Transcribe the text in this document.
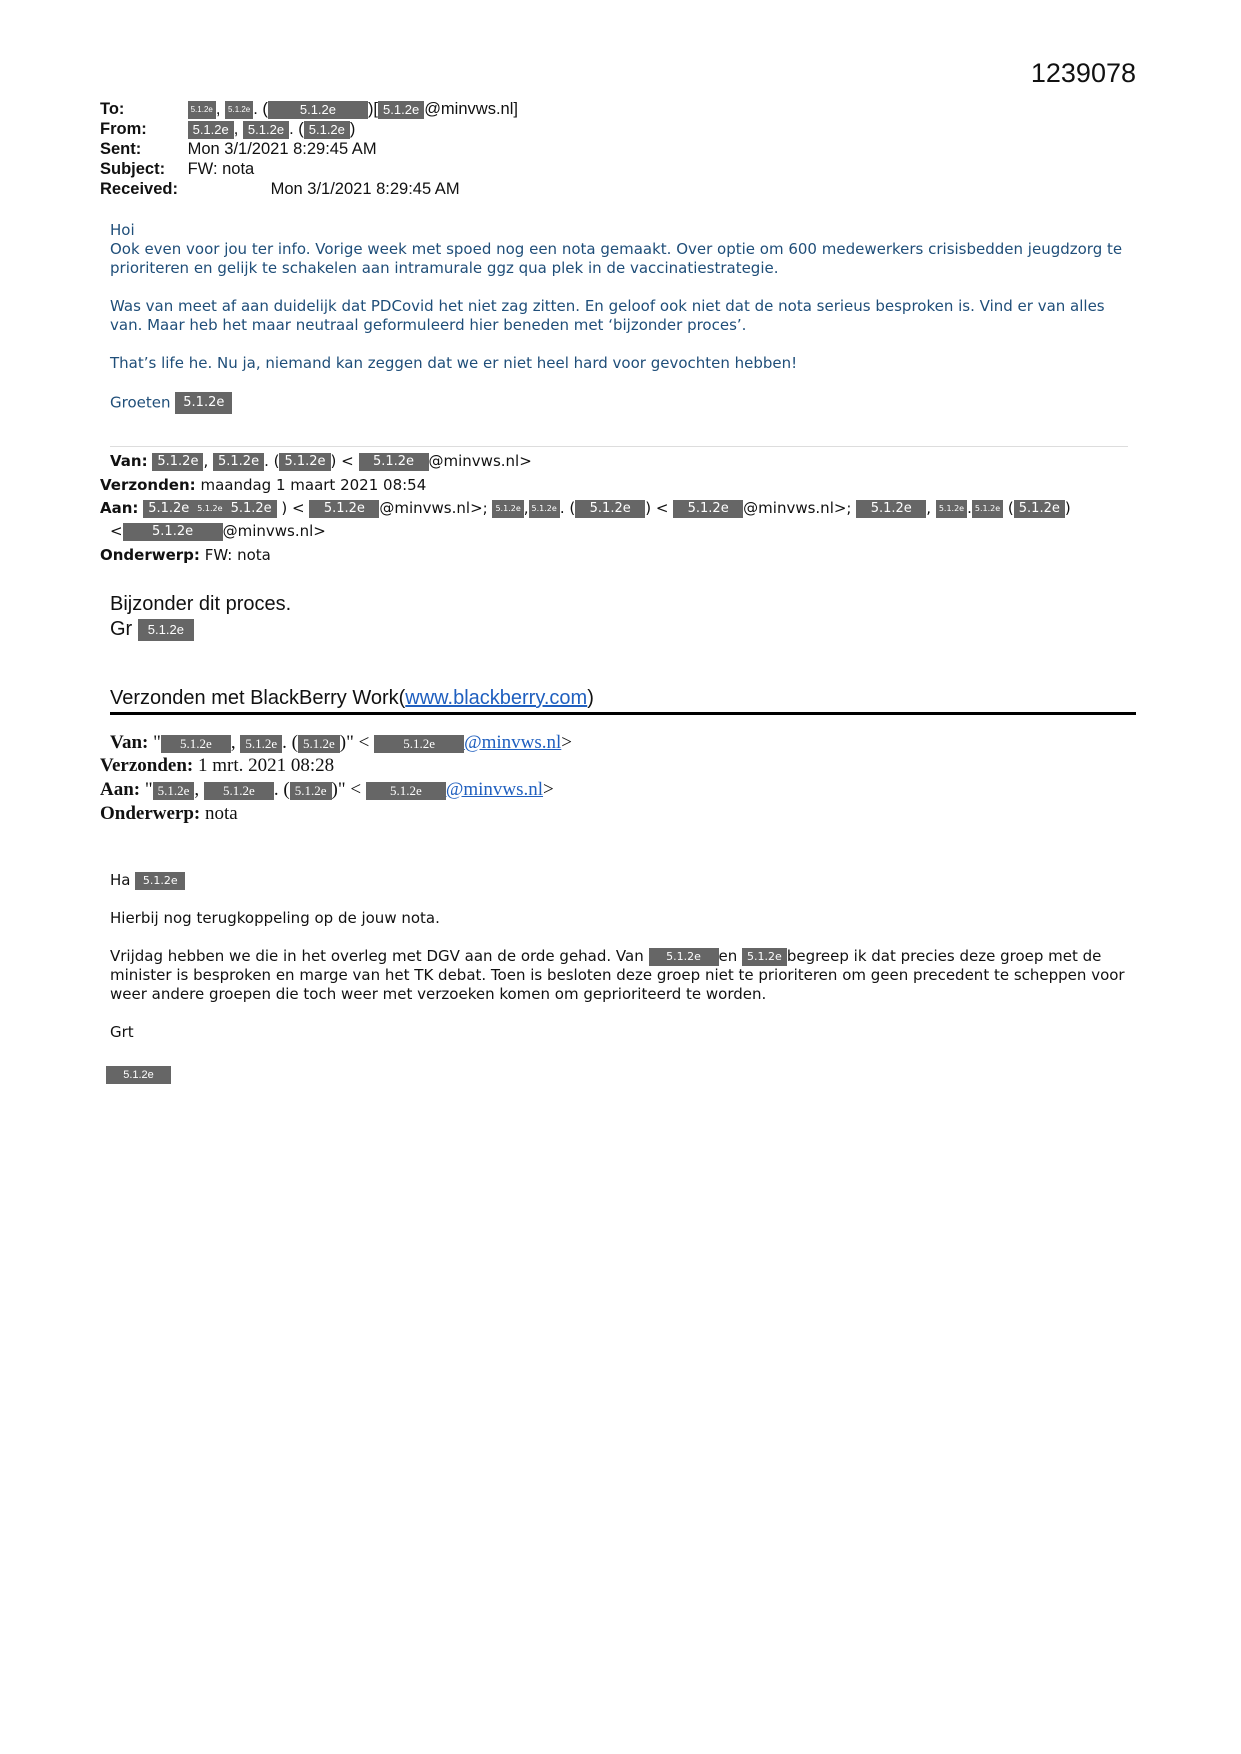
1239078
To:	5.1.2e , 5.1.2e . ( 5.1.2e )[ 5.1.2e @minvws.nl]
From:	5.1.2e , 5.1.2e . ( 5.1.2e )
Sent:	Mon 3/1/2021 8:29:45 AM
Subject: FW: nota
Received:	Mon 3/1/2021 8:29:45 AM
Hoi

Ook even voor jou ter info. Vorige week met spoed nog een nota gemaakt. Over optie om 600 medewerkers crisisbedden jeugdzorg te prioriteren en gelijk te schakelen aan intramurale ggz qua plek in de vaccinatiestrategie.

Was van meet af aan duidelijk dat PDCovid het niet zag zitten. En geloof ook niet dat de nota serieus besproken is. Vind er van alles van. Maar heb het maar neutraal geformuleerd hier beneden met ‘bijzonder proces’.

That’s life he. Nu ja, niemand kan zeggen dat we er niet heel hard voor gevochten hebben!

Groeten 5.1.2e
Van: 5.1.2e , 5.1.2e . ( 5.1.2e ) < 5.1.2e @minvws.nl>
Verzonden: maandag 1 maart 2021 08:54
Aan: 5.1.2e 5.1.2e 5.1.2e ) < 5.1.2e @minvws.nl>; 5.1.2e , 5.1.2e . ( 5.1.2e ) < 5.1.2e @minvws.nl>; 5.1.2e , 5.1.2e . 5.1.2e ( 5.1.2e )
< 5.1.2e @minvws.nl>
Onderwerp: FW: nota
Bijzonder dit proces.
Gr 5.1.2e
Verzonden met BlackBerry Work(www.blackberry.com)
Van: " 5.1.2e , 5.1.2e . ( 5.1.2e )" < 5.1.2e @minvws.nl>
Verzonden: 1 mrt. 2021 08:28
Aan: " 5.1.2e , 5.1.2e . ( 5.1.2e )" < 5.1.2e @minvws.nl>
Onderwerp: nota

Ha 5.1.2e

Hierbij nog terugkoppeling op de jouw nota.

Vrijdag hebben we die in het overleg met DGV aan de orde gehad. Van 5.1.2e en 5.1.2e begreep ik dat precies deze groep met de minister is besproken en marge van het TK debat. Toen is besloten deze groep niet te prioriteren om geen precedent te scheppen voor weer andere groepen die toch weer met verzoeken komen om geprioriteerd te worden.

Grt

5.1.2e
